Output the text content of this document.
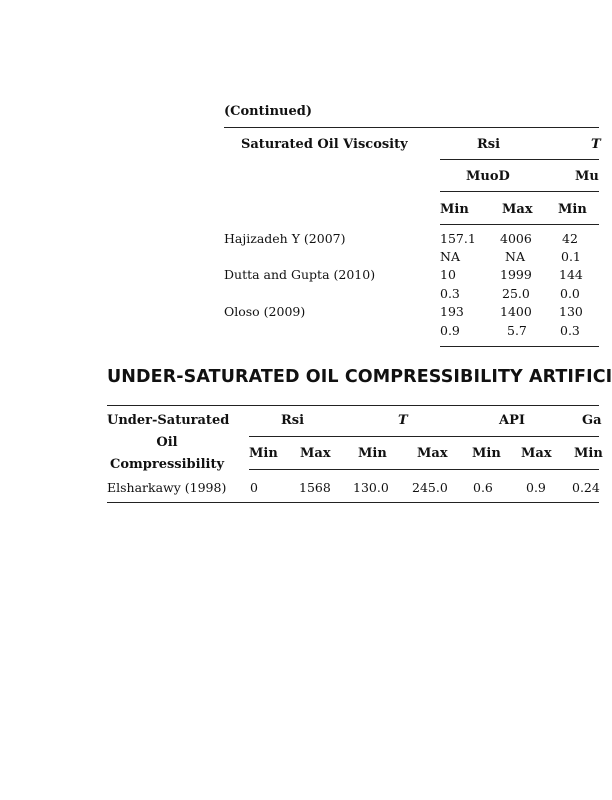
(Continued)
Saturated Oil Viscosity	Rsi	T
MuoD	Mu
Min	Max Min
Hajizadeh Y (2007)	157.1 4006 42
NA	NA	0.1
Dutta and Gupta (2010)	10	1999 144
0.3	25.0 0.0
Oloso (2009)	193	1400 130
0.9	5.7	0.3
UNDER-SATURATED OIL COMPRESSIBILITY ARTIFICI
Under-Saturated
Oil
Compressibility
Rsi	T	API	Ga
Min Max Min Max Min Max Min
Elsharkawy (1998) 0	1568 130.0 245.0 0.6	0.9 0.24
